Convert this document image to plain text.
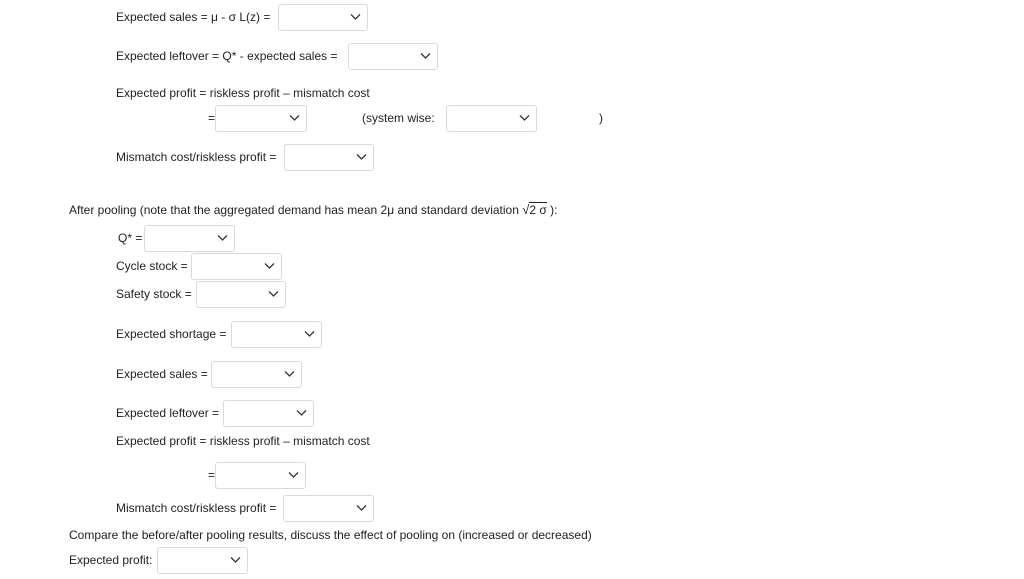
Expected sales = μ - σ L(z) =
Expected leftover = Q* - expected sales =
Expected profit = riskless profit – mismatch cost
=	(system wise:	)
Mismatch cost/riskless profit =
After pooling (note that the aggregated demand has mean 2μ and standard deviation √2 σ ):
Q* =
Cycle stock =
Safety stock =
Expected shortage =
Expected sales =
Expected leftover =
Expected profit = riskless profit – mismatch cost
=
Mismatch cost/riskless profit =
Compare the before/after pooling results, discuss the effect of pooling on (increased or decreased)
Expected profit:
